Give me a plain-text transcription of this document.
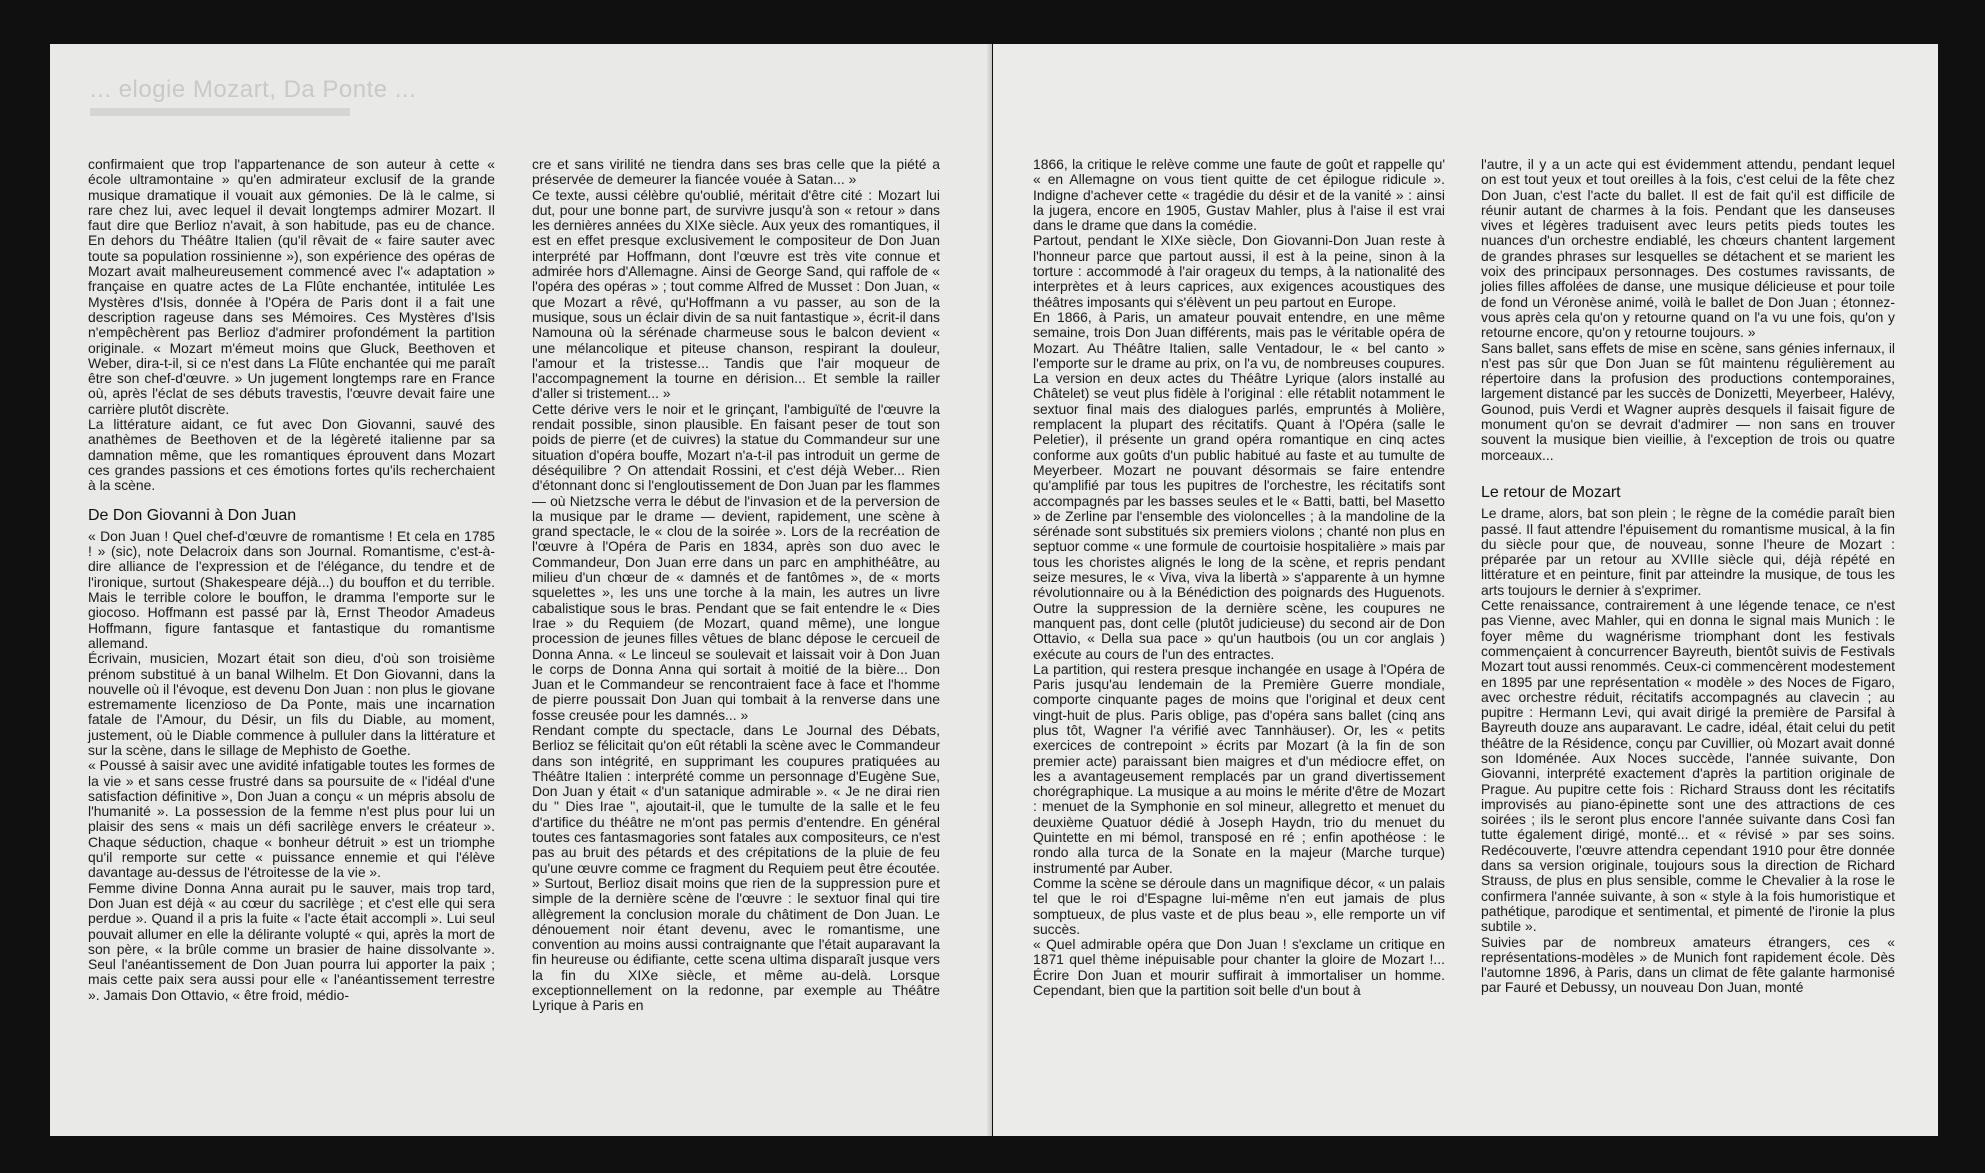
... elogie Mozart, Da Ponte ...

confirmaient que trop l'appartenance de son auteur à cette « école ultramontaine » qu'en admirateur exclusif de la grande musique dramatique il vouait aux gémonies. De là le calme, si rare chez lui, avec lequel il devait longtemps admirer Mozart. Il faut dire que Berlioz n'avait, à son habitude, pas eu de chance. En dehors du Théâtre Italien (qu'il rêvait de « faire sauter avec toute sa population rossinienne »), son expérience des opéras de Mozart avait malheureusement commencé avec l'« adaptation » française en quatre actes de La Flûte enchantée, intitulée Les Mystères d'Isis, donnée à l'Opéra de Paris dont il a fait une description rageuse dans ses Mémoires. Ces Mystères d'Isis n'empêchèrent pas Berlioz d'admirer profondément la partition originale. « Mozart m'émeut moins que Gluck, Beethoven et Weber, dira-t-il, si ce n'est dans La Flûte enchantée qui me paraît être son chef-d'œuvre. » Un jugement longtemps rare en France où, après l'éclat de ses débuts travestis, l'œuvre devait faire une carrière plutôt discrète.

La littérature aidant, ce fut avec Don Giovanni, sauvé des anathèmes de Beethoven et de la légèreté italienne par sa damnation même, que les romantiques éprouvent dans Mozart ces grandes passions et ces émotions fortes qu'ils recherchaient à la scène.

De Don Giovanni à Don Juan

« Don Juan ! Quel chef-d'œuvre de romantisme ! Et cela en 1785 ! » (sic), note Delacroix dans son Journal. Romantisme, c'est-à-dire alliance de l'expression et de l'élégance, du tendre et de l'ironique, surtout (Shakespeare déjà...) du bouffon et du terrible. Mais le terrible colore le bouffon, le dramma l'emporte sur le giocoso. Hoffmann est passé par là, Ernst Theodor Amadeus Hoffmann, figure fantasque et fantastique du romantisme allemand.

Écrivain, musicien, Mozart était son dieu, d'où son troisième prénom substitué à un banal Wilhelm. Et Don Giovanni, dans la nouvelle où il l'évoque, est devenu Don Juan : non plus le giovane estremamente licenzioso de Da Ponte, mais une incarnation fatale de l'Amour, du Désir, un fils du Diable, au moment, justement, où le Diable commence à pulluler dans la littérature et sur la scène, dans le sillage de Mephisto de Goethe.

« Poussé à saisir avec une avidité infatigable toutes les formes de la vie » et sans cesse frustré dans sa poursuite de « l'idéal d'une satisfaction définitive », Don Juan a conçu « un mépris absolu de l'humanité ». La possession de la femme n'est plus pour lui un plaisir des sens « mais un défi sacrilège envers le créateur ». Chaque séduction, chaque « bonheur détruit » est un triomphe qu'il remporte sur cette « puissance ennemie et qui l'élève davantage au-dessus de l'étroitesse de la vie ».

Femme divine Donna Anna aurait pu le sauver, mais trop tard, Don Juan est déjà « au cœur du sacrilège ; et c'est elle qui sera perdue ». Quand il a pris la fuite « l'acte était accompli ». Lui seul pouvait allumer en elle la délirante volupté « qui, après la mort de son père, « la brûle comme un brasier de haine dissolvante ». Seul l'anéantissement de Don Juan pourra lui apporter la paix ; mais cette paix sera aussi pour elle « l'anéantissement terrestre ». Jamais Don Ottavio, « être froid, médio-

cre et sans virilité ne tiendra dans ses bras celle que la piété a préservée de demeurer la fiancée vouée à Satan... »

Ce texte, aussi célèbre qu'oublié, méritait d'être cité : Mozart lui dut, pour une bonne part, de survivre jusqu'à son « retour » dans les dernières années du XIXe siècle. Aux yeux des romantiques, il est en effet presque exclusivement le compositeur de Don Juan interprété par Hoffmann, dont l'œuvre est très vite connue et admirée hors d'Allemagne. Ainsi de George Sand, qui raffole de « l'opéra des opéras » ; tout comme Alfred de Musset : Don Juan, « que Mozart a rêvé, qu'Hoffmann a vu passer, au son de la musique, sous un éclair divin de sa nuit fantastique », écrit-il dans Namouna où la sérénade charmeuse sous le balcon devient « une mélancolique et piteuse chanson, respirant la douleur, l'amour et la tristesse... Tandis que l'air moqueur de l'accompagnement la tourne en dérision... Et semble la railler d'aller si tristement... »

Cette dérive vers le noir et le grinçant, l'ambiguïté de l'œuvre la rendait possible, sinon plausible. En faisant peser de tout son poids de pierre (et de cuivres) la statue du Commandeur sur une situation d'opéra bouffe, Mozart n'a-t-il pas introduit un germe de déséquilibre ? On attendait Rossini, et c'est déjà Weber... Rien d'étonnant donc si l'engloutissement de Don Juan par les flammes — où Nietzsche verra le début de l'invasion et de la perversion de la musique par le drame — devient, rapidement, une scène à grand spectacle, le « clou de la soirée ». Lors de la recréation de l'œuvre à l'Opéra de Paris en 1834, après son duo avec le Commandeur, Don Juan erre dans un parc en amphithéâtre, au milieu d'un chœur de « damnés et de fantômes », de « morts squelettes », les uns une torche à la main, les autres un livre cabalistique sous le bras. Pendant que se fait entendre le « Dies Irae » du Requiem (de Mozart, quand même), une longue procession de jeunes filles vêtues de blanc dépose le cercueil de Donna Anna. « Le linceul se soulevait et laissait voir à Don Juan le corps de Donna Anna qui sortait à moitié de la bière... Don Juan et le Commandeur se rencontraient face à face et l'homme de pierre poussait Don Juan qui tombait à la renverse dans une fosse creusée pour les damnés... »

Rendant compte du spectacle, dans Le Journal des Débats, Berlioz se félicitait qu'on eût rétabli la scène avec le Commandeur dans son intégrité, en supprimant les coupures pratiquées au Théâtre Italien : interprété comme un personnage d'Eugène Sue, Don Juan y était « d'un satanique admirable ». « Je ne dirai rien du " Dies Irae ", ajoutait-il, que le tumulte de la salle et le feu d'artifice du théâtre ne m'ont pas permis d'entendre. En général toutes ces fantasmagories sont fatales aux compositeurs, ce n'est pas au bruit des pétards et des crépitations de la pluie de feu qu'une œuvre comme ce fragment du Requiem peut être écoutée. » Surtout, Berlioz disait moins que rien de la suppression pure et simple de la dernière scène de l'œuvre : le sextuor final qui tire allègrement la conclusion morale du châtiment de Don Juan. Le dénouement noir étant devenu, avec le romantisme, une convention au moins aussi contraignante que l'était auparavant la fin heureuse ou édifiante, cette scena ultima disparaît jusque vers la fin du XIXe siècle, et même au-delà. Lorsque exceptionnellement on la redonne, par exemple au Théâtre Lyrique à Paris en

1866, la critique le relève comme une faute de goût et rappelle qu' « en Allemagne on vous tient quitte de cet épilogue ridicule ». Indigne d'achever cette « tragédie du désir et de la vanité » : ainsi la jugera, encore en 1905, Gustav Mahler, plus à l'aise il est vrai dans le drame que dans la comédie.

Partout, pendant le XIXe siècle, Don Giovanni-Don Juan reste à l'honneur parce que partout aussi, il est à la peine, sinon à la torture : accommodé à l'air orageux du temps, à la nationalité des interprètes et à leurs caprices, aux exigences acoustiques des théâtres imposants qui s'élèvent un peu partout en Europe.

En 1866, à Paris, un amateur pouvait entendre, en une même semaine, trois Don Juan différents, mais pas le véritable opéra de Mozart. Au Théâtre Italien, salle Ventadour, le « bel canto » l'emporte sur le drame au prix, on l'a vu, de nombreuses coupures. La version en deux actes du Théâtre Lyrique (alors installé au Châtelet) se veut plus fidèle à l'original : elle rétablit notamment le sextuor final mais des dialogues parlés, empruntés à Molière, remplacent la plupart des récitatifs. Quant à l'Opéra (salle le Peletier), il présente un grand opéra romantique en cinq actes conforme aux goûts d'un public habitué au faste et au tumulte de Meyerbeer. Mozart ne pouvant désormais se faire entendre qu'amplifié par tous les pupitres de l'orchestre, les récitatifs sont accompagnés par les basses seules et le « Batti, batti, bel Masetto » de Zerline par l'ensemble des violoncelles ; à la mandoline de la sérénade sont substitués six premiers violons ; chanté non plus en septuor comme « une formule de courtoisie hospitalière » mais par tous les choristes alignés le long de la scène, et repris pendant seize mesures, le « Viva, viva la libertà » s'apparente à un hymne révolutionnaire ou à la Bénédiction des poignards des Huguenots. Outre la suppression de la dernière scène, les coupures ne manquent pas, dont celle (plutôt judicieuse) du second air de Don Ottavio, « Della sua pace » qu'un hautbois (ou un cor anglais ) exécute au cours de l'un des entractes.

La partition, qui restera presque inchangée en usage à l'Opéra de Paris jusqu'au lendemain de la Première Guerre mondiale, comporte cinquante pages de moins que l'original et deux cent vingt-huit de plus. Paris oblige, pas d'opéra sans ballet (cinq ans plus tôt, Wagner l'a vérifié avec Tannhäuser). Or, les « petits exercices de contrepoint » écrits par Mozart (à la fin de son premier acte) paraissant bien maigres et d'un médiocre effet, on les a avantageusement remplacés par un grand divertissement chorégraphique. La musique a au moins le mérite d'être de Mozart : menuet de la Symphonie en sol mineur, allegretto et menuet du deuxième Quatuor dédié à Joseph Haydn, trio du menuet du Quintette en mi bémol, transposé en ré ; enfin apothéose : le rondo alla turca de la Sonate en la majeur (Marche turque) instrumenté par Auber.

Comme la scène se déroule dans un magnifique décor, « un palais tel que le roi d'Espagne lui-même n'en eut jamais de plus somptueux, de plus vaste et de plus beau », elle remporte un vif succès.

« Quel admirable opéra que Don Juan ! s'exclame un critique en 1871 quel thème inépuisable pour chanter la gloire de Mozart !... Écrire Don Juan et mourir suffirait à immortaliser un homme. Cependant, bien que la partition soit belle d'un bout à

l'autre, il y a un acte qui est évidemment attendu, pendant lequel on est tout yeux et tout oreilles à la fois, c'est celui de la fête chez Don Juan, c'est l'acte du ballet. Il est de fait qu'il est difficile de réunir autant de charmes à la fois. Pendant que les danseuses vives et légères traduisent avec leurs petits pieds toutes les nuances d'un orchestre endiablé, les chœurs chantent largement de grandes phrases sur lesquelles se détachent et se marient les voix des principaux personnages. Des costumes ravissants, de jolies filles affolées de danse, une musique délicieuse et pour toile de fond un Véronèse animé, voilà le ballet de Don Juan ; étonnez-vous après cela qu'on y retourne quand on l'a vu une fois, qu'on y retourne encore, qu'on y retourne toujours. »

Sans ballet, sans effets de mise en scène, sans génies infernaux, il n'est pas sûr que Don Juan se fût maintenu régulièrement au répertoire dans la profusion des productions contemporaines, largement distancé par les succès de Donizetti, Meyerbeer, Halévy, Gounod, puis Verdi et Wagner auprès desquels il faisait figure de monument qu'on se devrait d'admirer — non sans en trouver souvent la musique bien vieillie, à l'exception de trois ou quatre morceaux...

Le retour de Mozart

Le drame, alors, bat son plein ; le règne de la comédie paraît bien passé. Il faut attendre l'épuisement du romantisme musical, à la fin du siècle pour que, de nouveau, sonne l'heure de Mozart : préparée par un retour au XVIIIe siècle qui, déjà répété en littérature et en peinture, finit par atteindre la musique, de tous les arts toujours le dernier à s'exprimer.

Cette renaissance, contrairement à une légende tenace, ce n'est pas Vienne, avec Mahler, qui en donna le signal mais Munich : le foyer même du wagnérisme triomphant dont les festivals commençaient à concurrencer Bayreuth, bientôt suivis de Festivals Mozart tout aussi renommés. Ceux-ci commencèrent modestement en 1895 par une représentation « modèle » des Noces de Figaro, avec orchestre réduit, récitatifs accompagnés au clavecin ; au pupitre : Hermann Levi, qui avait dirigé la première de Parsifal à Bayreuth douze ans auparavant. Le cadre, idéal, était celui du petit théâtre de la Résidence, conçu par Cuvillier, où Mozart avait donné son Idoménée. Aux Noces succède, l'année suivante, Don Giovanni, interprété exactement d'après la partition originale de Prague. Au pupitre cette fois : Richard Strauss dont les récitatifs improvisés au piano-épinette sont une des attractions de ces soirées ; ils le seront plus encore l'année suivante dans Così fan tutte également dirigé, monté... et « révisé » par ses soins. Redécouverte, l'œuvre attendra cependant 1910 pour être donnée dans sa version originale, toujours sous la direction de Richard Strauss, de plus en plus sensible, comme le Chevalier à la rose le confirmera l'année suivante, à son « style à la fois humoristique et pathétique, parodique et sentimental, et pimenté de l'ironie la plus subtile ».

Suivies par de nombreux amateurs étrangers, ces « représentations-modèles » de Munich font rapidement école. Dès l'automne 1896, à Paris, dans un climat de fête galante harmonisé par Fauré et Debussy, un nouveau Don Juan, monté
